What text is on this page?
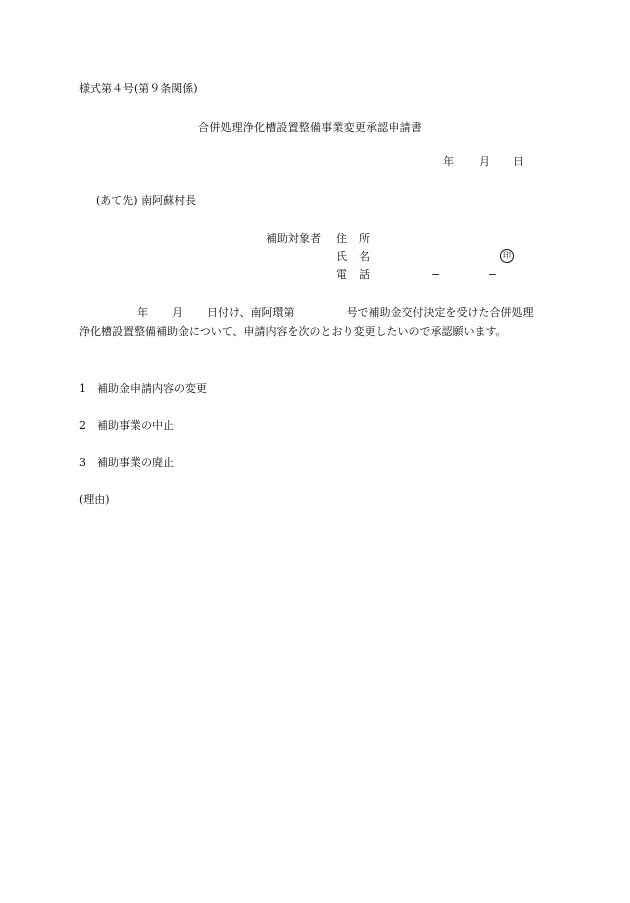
様式第４号(第９条関係)
合併処理浄化槽設置整備事業変更承認申請書
年 月 日
(あて先) 南阿蘇村長
補助対象者 住所
氏名	印
電話	−	−
年 月 日付け、南阿環第	号で補助金交付決定を受けた合併処理
浄化槽設置整備補助金について、申請内容を次のとおり変更したいので承認願います。
1 補助金申請内容の変更
2 補助事業の中止
3 補助事業の廃止
(理由)
